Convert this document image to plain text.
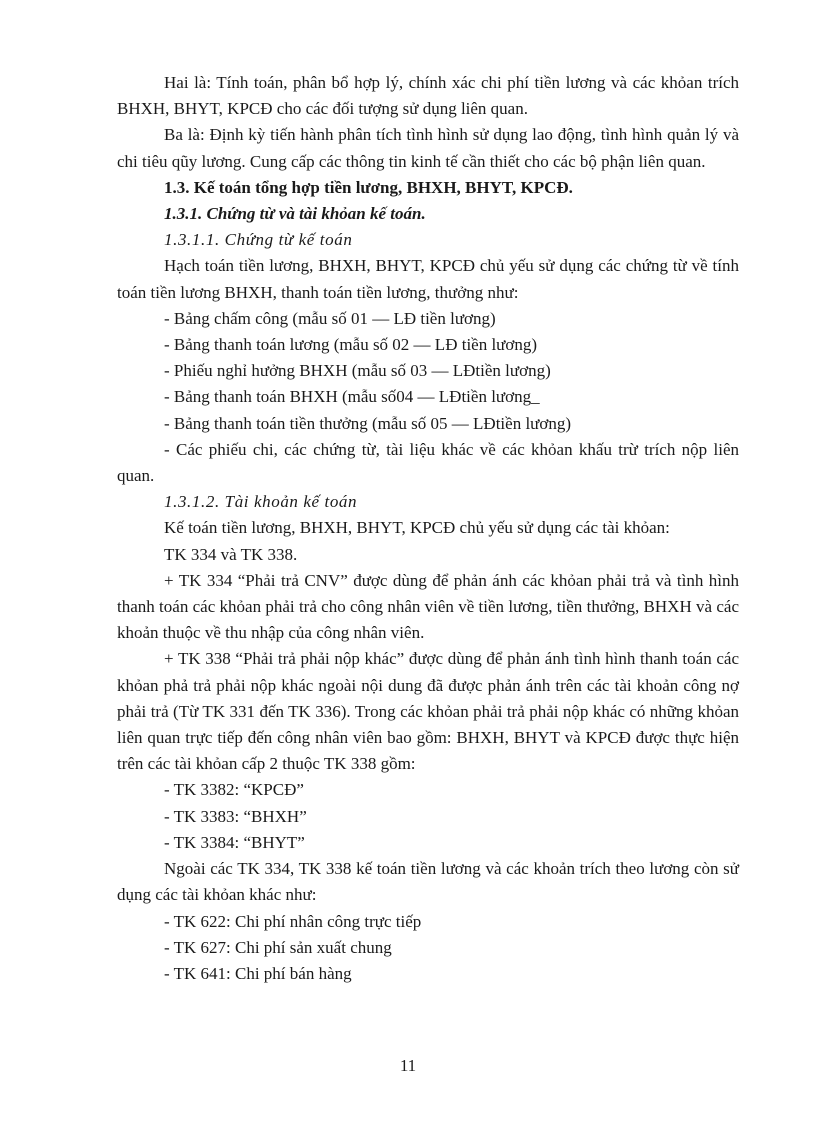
Hai là: Tính toán, phân bổ hợp lý, chính xác chi phí tiền lương và các khỏan trích BHXH, BHYT, KPCĐ cho các đối tượng sử dụng liên quan.

Ba là: Định kỳ tiến hành phân tích tình hình sử dụng lao động, tình hình quản lý và chi tiêu qũy lương. Cung cấp các thông tin kinh tế cần thiết cho các bộ phận liên quan.

1.3. Kế toán tổng hợp tiền lương, BHXH, BHYT, KPCĐ.

1.3.1. Chứng từ và tài khỏan kế toán.

1.3.1.1. Chứng từ kế toán

Hạch toán tiền lương, BHXH, BHYT, KPCĐ chủ yếu sử dụng các chứng từ về tính toán tiền lương BHXH, thanh toán tiền lương, thưởng như:

- Bảng chấm công (mẫu số 01 — LĐ tiền lương)

- Bảng thanh toán lương (mẫu số 02 — LĐ tiền lương)

- Phiếu nghỉ hưởng BHXH (mẫu số 03 — LĐtiền lương)

- Bảng thanh toán BHXH (mẫu số04 — LĐtiền lương_

- Bảng thanh toán tiền thưởng (mẫu số 05 — LĐtiền lương)

- Các phiếu chi, các chứng từ, tài liệu khác về các khỏan khấu trừ trích nộp liên quan.

1.3.1.2. Tài khoản kế toán

Kế toán tiền lương, BHXH, BHYT, KPCĐ chủ yếu sử dụng các tài khỏan:

TK 334 và TK 338.

+ TK 334 “Phải trả CNV” được dùng để phản ánh các khỏan phải trả và tình hình thanh toán các khỏan phải trả cho công nhân viên về tiền lương, tiền thưởng, BHXH và các khoản thuộc về thu nhập của công nhân viên.

+ TK 338 “Phải trả phải nộp khác” được dùng để phản ánh tình hình thanh toán các khỏan phả trả phải nộp khác ngoài nội dung đã được phản ánh trên các tài khoản công nợ phải trả (Từ TK 331 đến TK 336). Trong các khỏan phải trả phải nộp khác có những khỏan liên quan trực tiếp đến công nhân viên bao gồm: BHXH, BHYT và KPCĐ được thực hiện trên các tài khỏan cấp 2 thuộc TK 338 gồm:

- TK 3382: “KPCĐ”

- TK 3383: “BHXH”

- TK 3384: “BHYT”

Ngoài các TK 334, TK 338 kế toán tiền lương và các khoản trích theo lương còn sử dụng các tài khỏan khác như:

- TK 622: Chi phí nhân công trực tiếp

- TK 627: Chi phí sản xuất chung

- TK 641: Chi phí bán hàng

11
